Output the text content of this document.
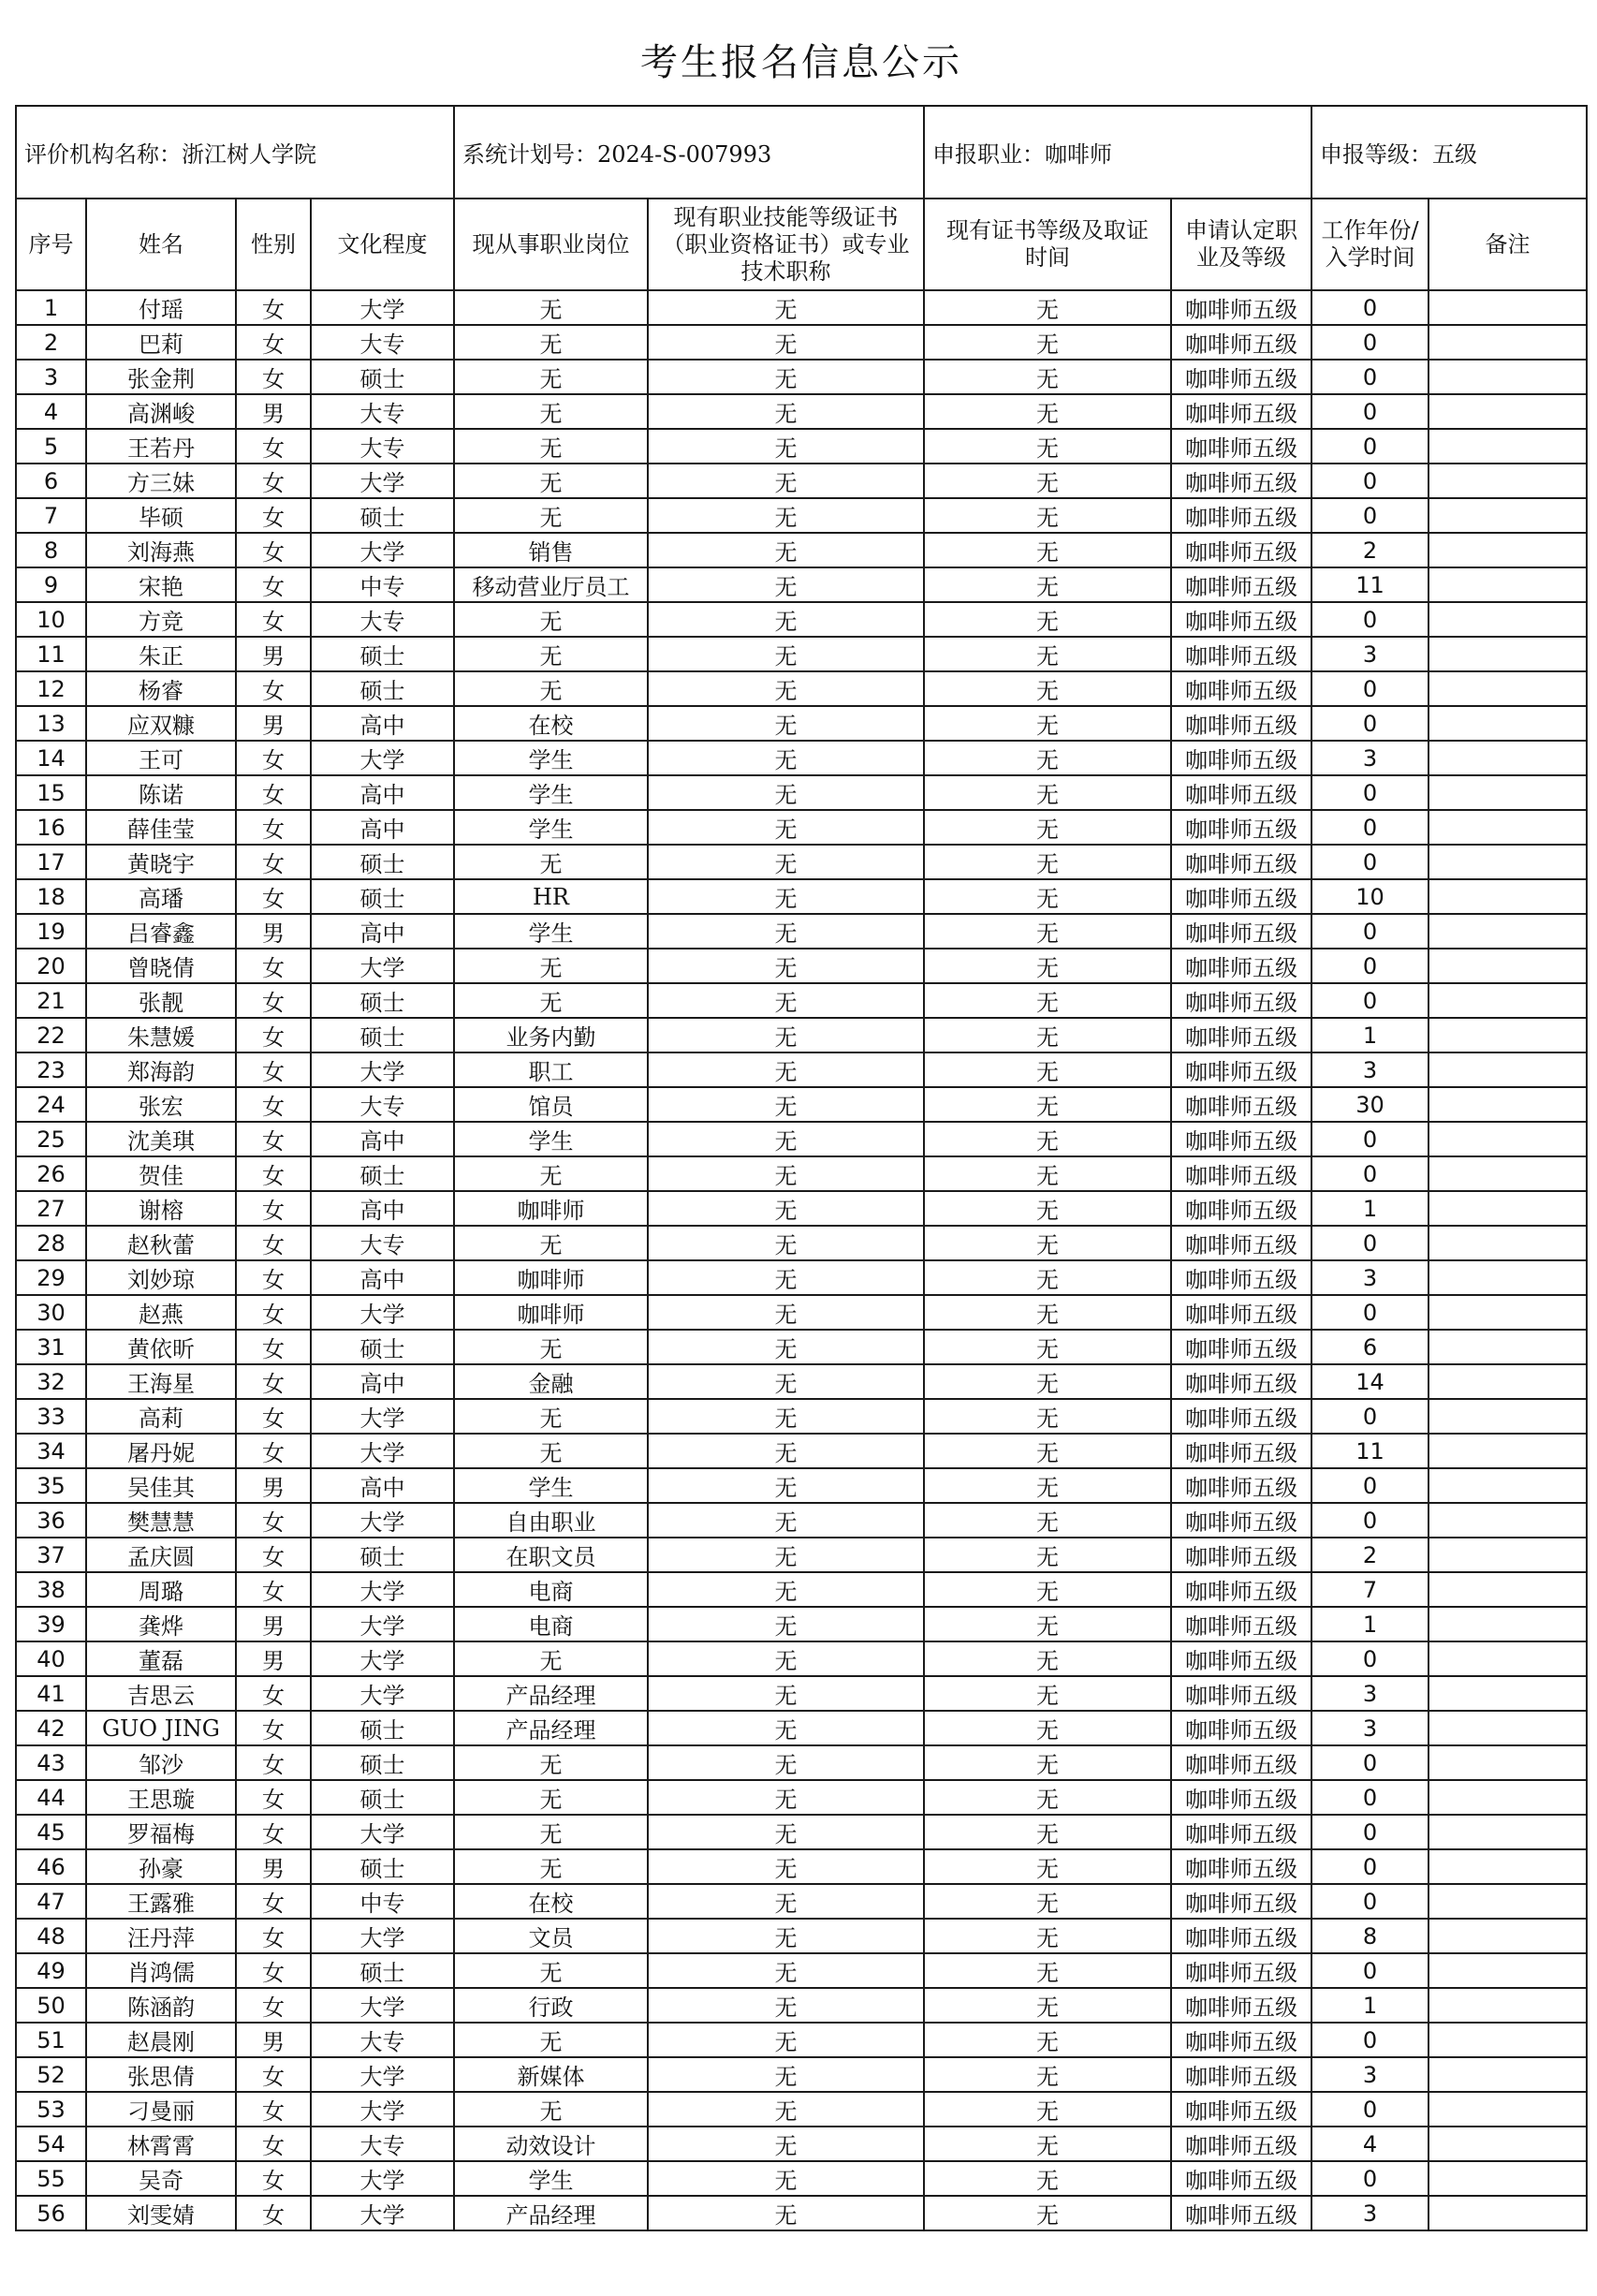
考生报名信息公示									
评价机构名称：浙江树人学院				系统计划号：2024-S-007993		申报职业：咖啡师		申报等级：五级	
序号	姓名	性别	文化程度	现从事职业岗位	现有职业技能等级证书（职业资格证书）或专业技术职称	现有证书等级及取证时间	申请认定职业及等级	工作年份/入学时间	备注
1	付瑶	女	大学	无	无	无	咖啡师五级	0	
2	巴莉	女	大专	无	无	无	咖啡师五级	0	
3	张金荆	女	硕士	无	无	无	咖啡师五级	0	
4	高渊峻	男	大专	无	无	无	咖啡师五级	0	
5	王若丹	女	大专	无	无	无	咖啡师五级	0	
6	方三妹	女	大学	无	无	无	咖啡师五级	0	
7	毕硕	女	硕士	无	无	无	咖啡师五级	0	
8	刘海燕	女	大学	销售	无	无	咖啡师五级	2	
9	宋艳	女	中专	移动营业厅员工	无	无	咖啡师五级	11	
10	方竞	女	大专	无	无	无	咖啡师五级	0	
11	朱正	男	硕士	无	无	无	咖啡师五级	3	
12	杨睿	女	硕士	无	无	无	咖啡师五级	0	
13	应双糠	男	高中	在校	无	无	咖啡师五级	0	
14	王可	女	大学	学生	无	无	咖啡师五级	3	
15	陈诺	女	高中	学生	无	无	咖啡师五级	0	
16	薛佳莹	女	高中	学生	无	无	咖啡师五级	0	
17	黄晓宇	女	硕士	无	无	无	咖啡师五级	0	
18	高璠	女	硕士	HR	无	无	咖啡师五级	10	
19	吕睿鑫	男	高中	学生	无	无	咖啡师五级	0	
20	曾晓倩	女	大学	无	无	无	咖啡师五级	0	
21	张靓	女	硕士	无	无	无	咖啡师五级	0	
22	朱慧媛	女	硕士	业务内勤	无	无	咖啡师五级	1	
23	郑海韵	女	大学	职工	无	无	咖啡师五级	3	
24	张宏	女	大专	馆员	无	无	咖啡师五级	30	
25	沈美琪	女	高中	学生	无	无	咖啡师五级	0	
26	贺佳	女	硕士	无	无	无	咖啡师五级	0	
27	谢榕	女	高中	咖啡师	无	无	咖啡师五级	1	
28	赵秋蕾	女	大专	无	无	无	咖啡师五级	0	
29	刘妙琼	女	高中	咖啡师	无	无	咖啡师五级	3	
30	赵燕	女	大学	咖啡师	无	无	咖啡师五级	0	
31	黄依昕	女	硕士	无	无	无	咖啡师五级	6	
32	王海星	女	高中	金融	无	无	咖啡师五级	14	
33	高莉	女	大学	无	无	无	咖啡师五级	0	
34	屠丹妮	女	大学	无	无	无	咖啡师五级	11	
35	吴佳其	男	高中	学生	无	无	咖啡师五级	0	
36	樊慧慧	女	大学	自由职业	无	无	咖啡师五级	0	
37	孟庆圆	女	硕士	在职文员	无	无	咖啡师五级	2	
38	周璐	女	大学	电商	无	无	咖啡师五级	7	
39	龚烨	男	大学	电商	无	无	咖啡师五级	1	
40	董磊	男	大学	无	无	无	咖啡师五级	0	
41	吉思云	女	大学	产品经理	无	无	咖啡师五级	3	
42	GUO JING	女	硕士	产品经理	无	无	咖啡师五级	3	
43	邹沙	女	硕士	无	无	无	咖啡师五级	0	
44	王思璇	女	硕士	无	无	无	咖啡师五级	0	
45	罗福梅	女	大学	无	无	无	咖啡师五级	0	
46	孙豪	男	硕士	无	无	无	咖啡师五级	0	
47	王露雅	女	中专	在校	无	无	咖啡师五级	0	
48	汪丹萍	女	大学	文员	无	无	咖啡师五级	8	
49	肖鸿儒	女	硕士	无	无	无	咖啡师五级	0	
50	陈涵韵	女	大学	行政	无	无	咖啡师五级	1	
51	赵晨刚	男	大专	无	无	无	咖啡师五级	0	
52	张思倩	女	大学	新媒体	无	无	咖啡师五级	3	
53	刁曼丽	女	大学	无	无	无	咖啡师五级	0	
54	林霄霄	女	大专	动效设计	无	无	咖啡师五级	4	
55	吴奇	女	大学	学生	无	无	咖啡师五级	0	
56	刘雯婧	女	大学	产品经理	无	无	咖啡师五级	3	
